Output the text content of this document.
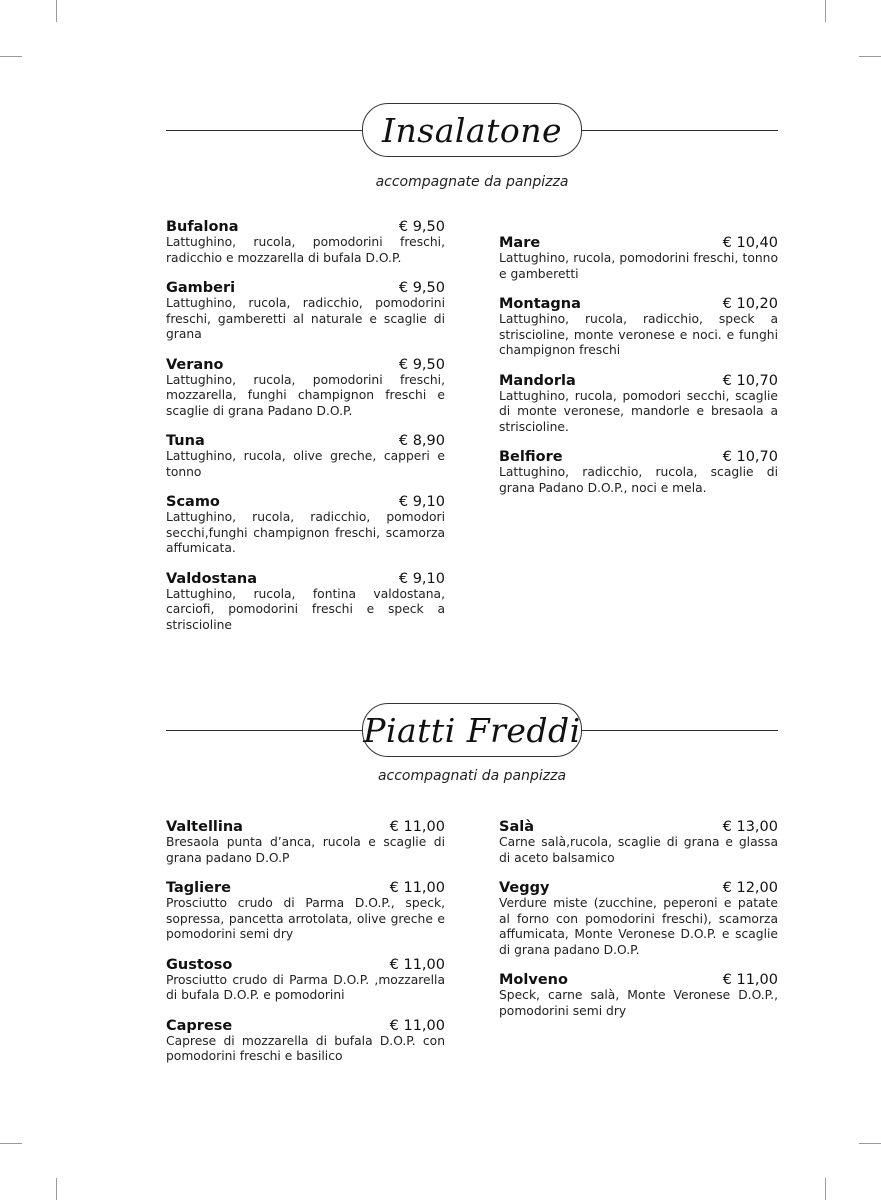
Insalatone
accompagnate da panpizza
Bufalona	€ 9,50
Lattughino, rucola, pomodorini freschi, radicchio e mozzarella di bufala D.O.P.
Gamberi	€ 9,50
Lattughino, rucola, radicchio, pomodorini freschi, gamberetti al naturale e scaglie di grana
Verano	€ 9,50
Lattughino, rucola, pomodorini freschi, mozzarella, funghi champignon freschi e scaglie di grana Padano D.O.P.
Tuna	€ 8,90
Lattughino, rucola, olive greche, capperi e tonno
Scamo	€ 9,10
Lattughino, rucola, radicchio, pomodori secchi,funghi champignon freschi, scamorza affumicata.
Valdostana	€ 9,10
Lattughino, rucola, fontina valdostana, carciofi, pomodorini freschi e speck a striscioline
Mare	€ 10,40
Lattughino, rucola, pomodorini freschi, tonno e gamberetti
Montagna	€ 10,20
Lattughino, rucola, radicchio, speck a striscioline, monte veronese e noci. e funghi champignon freschi
Mandorla	€ 10,70
Lattughino, rucola, pomodori secchi, scaglie di monte veronese, mandorle e bresaola a striscioline.
Belfiore	€ 10,70
Lattughino, radicchio, rucola, scaglie di grana Padano D.O.P., noci e mela.
Piatti Freddi
accompagnati da panpizza
Valtellina	€ 11,00
Bresaola punta d’anca, rucola e scaglie di grana padano D.O.P
Tagliere	€ 11,00
Prosciutto crudo di Parma D.O.P., speck, sopressa, pancetta arrotolata, olive greche e pomodorini semi dry
Gustoso	€ 11,00
Prosciutto crudo di Parma D.O.P. ,mozzarella di bufala D.O.P. e pomodorini
Caprese	€ 11,00
Caprese di mozzarella di bufala D.O.P. con pomodorini freschi e basilico
Salà	€ 13,00
Carne salà,rucola, scaglie di grana e glassa di aceto balsamico
Veggy	€ 12,00
Verdure miste (zucchine, peperoni e patate al forno con pomodorini freschi), scamorza affumicata, Monte Veronese D.O.P. e scaglie di grana padano D.O.P.
Molveno	€ 11,00
Speck, carne salà, Monte Veronese D.O.P., pomodorini semi dry
